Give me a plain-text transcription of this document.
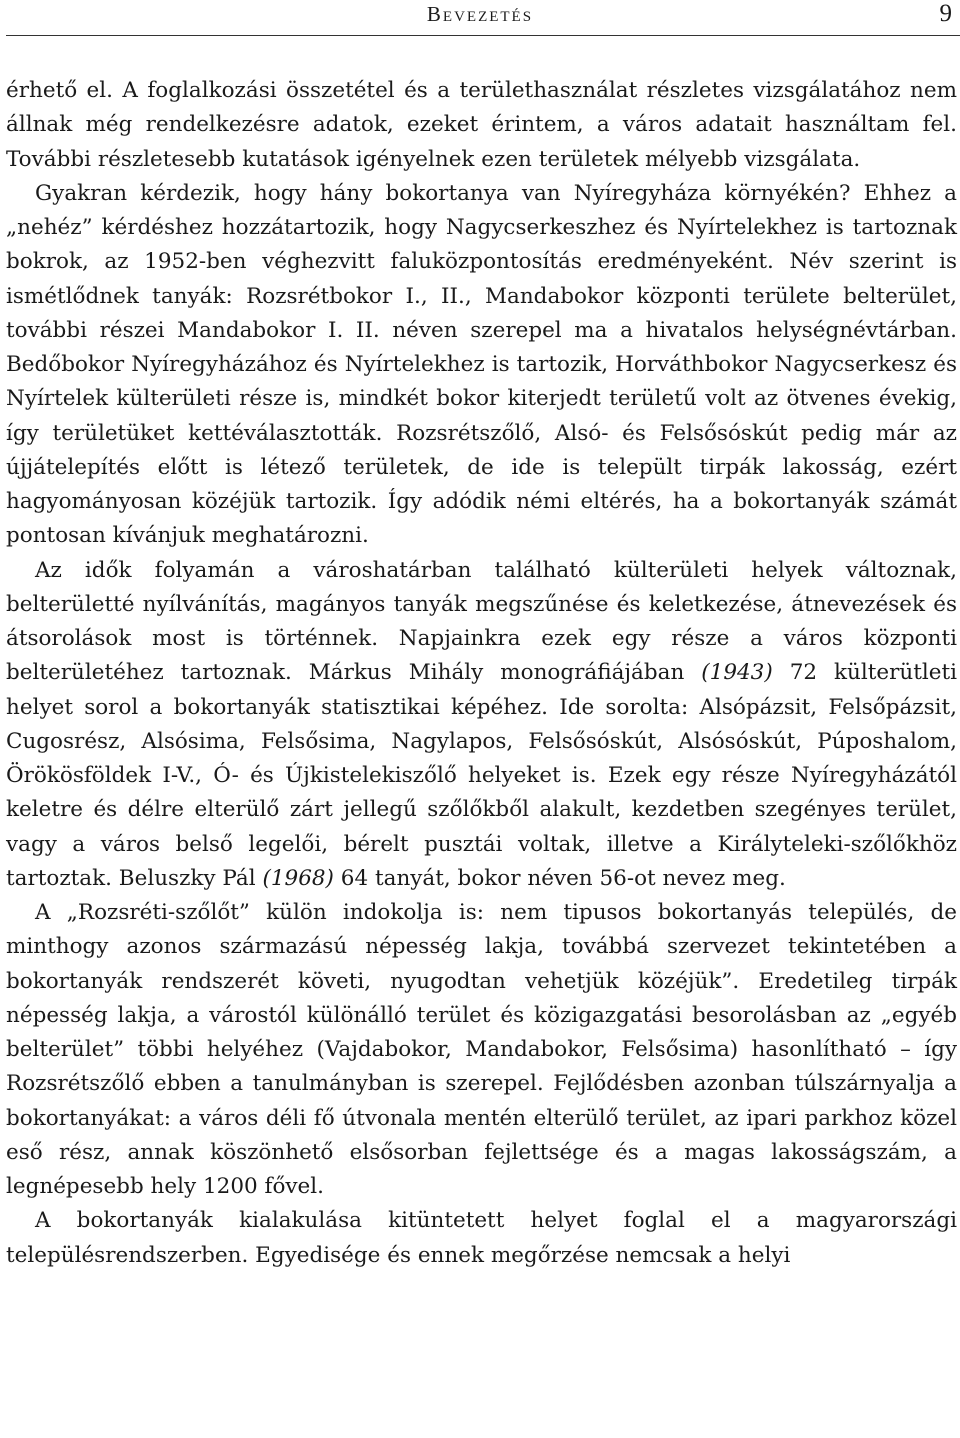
Bevezetés	9

érhető el. A foglalkozási összetétel és a területhasználat részletes vizsgálatához nem állnak még rendelkezésre adatok, ezeket érintem, a város adatait használtam fel. További részletesebb kutatások igényelnek ezen területek mélyebb vizsgálata.

Gyakran kérdezik, hogy hány bokortanya van Nyíregyháza környékén? Ehhez a „nehéz” kérdéshez hozzátartozik, hogy Nagycserkeszhez és Nyírtelekhez is tartoznak bokrok, az 1952-ben véghezvitt faluközpontosítás eredményeként. Név szerint is ismétlődnek tanyák: Rozsrétbokor I., II., Mandabokor központi területe belterület, további részei Mandabokor I. II. néven szerepel ma a hivatalos helységnévtárban. Bedőbokor Nyíregyházához és Nyírtelekhez is tartozik, Horváthbokor Nagycserkesz és Nyírtelek külterületi része is, mindkét bokor kiterjedt területű volt az ötvenes évekig, így területüket kettéválasztották. Rozsrétszőlő, Alsó- és Felsősóskút pedig már az újjátelepítés előtt is létező területek, de ide is települt tirpák lakosság, ezért hagyományosan közéjük tartozik. Így adódik némi eltérés, ha a bokortanyák számát pontosan kívánjuk meghatározni.

Az idők folyamán a városhatárban található külterületi helyek változnak, belterületté nyílvánítás, magányos tanyák megszűnése és keletkezése, átnevezések és átsorolások most is történnek. Napjainkra ezek egy része a város központi belterületéhez tartoznak. Márkus Mihály monográfiájában (1943) 72 külterütleti helyet sorol a bokortanyák statisztikai képéhez. Ide sorolta: Alsópázsit, Felsőpázsit, Cugosrész, Alsósima, Felsősima, Nagylapos, Felsősóskút, Alsósóskút, Púposhalom, Örökösföldek I-V., Ó- és Újkistelekiszőlő helyeket is. Ezek egy része Nyíregyházától keletre és délre elterülő zárt jellegű szőlőkből alakult, kezdetben szegényes terület, vagy a város belső legelői, bérelt pusztái voltak, illetve a Királyteleki-szőlőkhöz tartoztak. Beluszky Pál (1968) 64 tanyát, bokor néven 56-ot nevez meg.

A „Rozsréti-szőlőt” külön indokolja is: nem tipusos bokortanyás település, de minthogy azonos származású népesség lakja, továbbá szervezet tekintetében a bokortanyák rendszerét követi, nyugodtan vehetjük közéjük”. Eredetileg tirpák népesség lakja, a várostól különálló terület és közigazgatási besorolásban az „egyéb belterület” többi helyéhez (Vajdabokor, Mandabokor, Felsősima) hasonlítható – így Rozsrétszőlő ebben a tanulmányban is szerepel. Fejlődésben azonban túlszárnyalja a bokortanyákat: a város déli fő útvonala mentén elterülő terület, az ipari parkhoz közel eső rész, annak köszönhető elsősorban fejlettsége és a magas lakosságszám, a legnépesebb hely 1200 fővel.

A bokortanyák kialakulása kitüntetett helyet foglal el a magyarországi településrendszerben. Egyedisége és ennek megőrzése nemcsak a helyi
